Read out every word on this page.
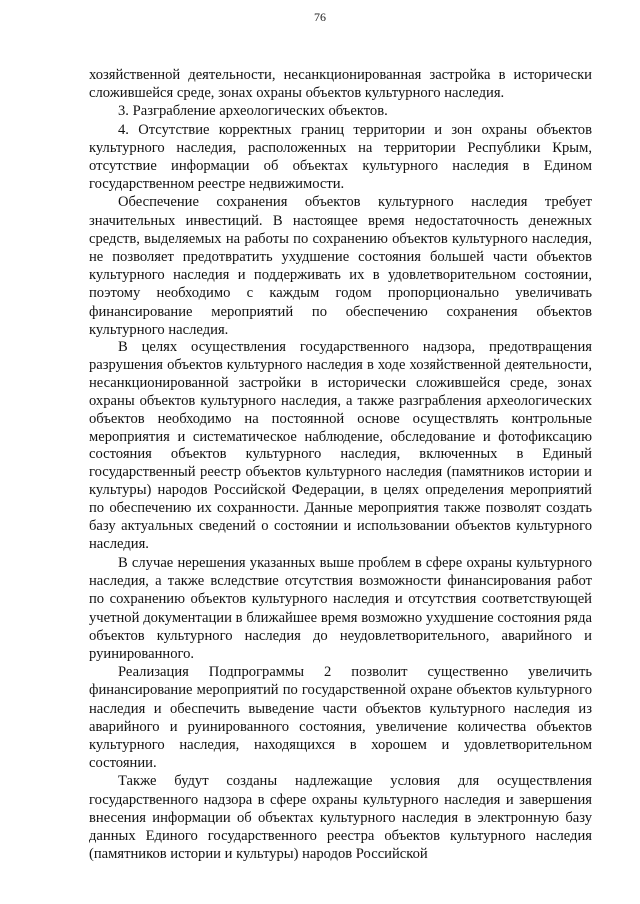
76

хозяйственной деятельности, несанкционированная застройка в исторически сложившейся среде, зонах охраны объектов культурного наследия.

3. Разграбление археологических объектов.

4. Отсутствие корректных границ территории и зон охраны объектов культурного наследия, расположенных на территории Республики Крым, отсутствие информации об объектах культурного наследия в Едином государственном реестре недвижимости.

Обеспечение сохранения объектов культурного наследия требует значительных инвестиций. В настоящее время недостаточность денежных средств, выделяемых на работы по сохранению объектов культурного наследия, не позволяет предотвратить ухудшение состояния большей части объектов культурного наследия и поддерживать их в удовлетворительном состоянии, поэтому необходимо с каждым годом пропорционально увеличивать финансирование мероприятий по обеспечению сохранения объектов культурного наследия.

В целях осуществления государственного надзора, предотвращения разрушения объектов культурного наследия в ходе хозяйственной деятельности, несанкционированной застройки в исторически сложившейся среде, зонах охраны объектов культурного наследия, а также разграбления археологических объектов необходимо на постоянной основе осуществлять контрольные мероприятия и систематическое наблюдение, обследование и фотофиксацию состояния объектов культурного наследия, включенных в Единый государственный реестр объектов культурного наследия (памятников истории и культуры) народов Российской Федерации, в целях определения мероприятий по обеспечению их сохранности. Данные мероприятия также позволят создать базу актуальных сведений о состоянии и использовании объектов культурного наследия.

В случае нерешения указанных выше проблем в сфере охраны культурного наследия, а также вследствие отсутствия возможности финансирования работ по сохранению объектов культурного наследия и отсутствия соответствующей учетной документации в ближайшее время возможно ухудшение состояния ряда объектов культурного наследия до неудовлетворительного, аварийного и руинированного.

Реализация Подпрограммы 2 позволит существенно увеличить финансирование мероприятий по государственной охране объектов культурного наследия и обеспечить выведение части объектов культурного наследия из аварийного и руинированного состояния, увеличение количества объектов культурного наследия, находящихся в хорошем и удовлетворительном состоянии.

Также будут созданы надлежащие условия для осуществления государственного надзора в сфере охраны культурного наследия и завершения внесения информации об объектах культурного наследия в электронную базу данных Единого государственного реестра объектов культурного наследия (памятников истории и культуры) народов Российской
